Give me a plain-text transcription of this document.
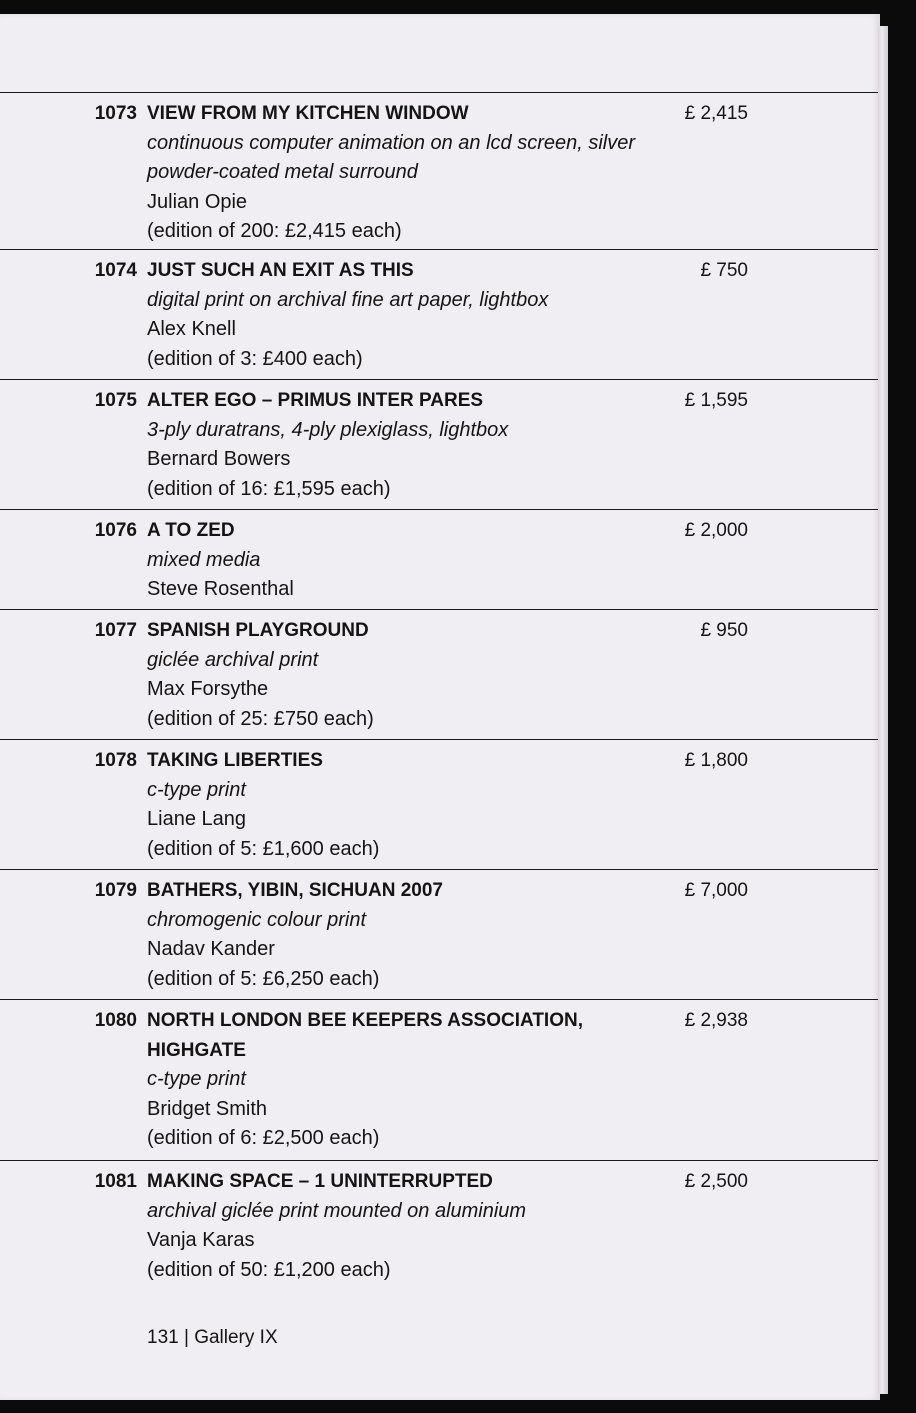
1073 VIEW FROM MY KITCHEN WINDOW
continuous computer animation on an lcd screen, silver powder-coated metal surround
Julian Opie
(edition of 200: £2,415 each)
£ 2,415
1074 JUST SUCH AN EXIT AS THIS
digital print on archival fine art paper, lightbox
Alex Knell
(edition of 3: £400 each)
£ 750
1075 ALTER EGO – PRIMUS INTER PARES
3-ply duratrans, 4-ply plexiglass, lightbox
Bernard Bowers
(edition of 16: £1,595 each)
£ 1,595
1076 A TO ZED
mixed media
Steve Rosenthal
£ 2,000
1077 SPANISH PLAYGROUND
giclée archival print
Max Forsythe
(edition of 25: £750 each)
£ 950
1078 TAKING LIBERTIES
c-type print
Liane Lang
(edition of 5: £1,600 each)
£ 1,800
1079 BATHERS, YIBIN, SICHUAN 2007
chromogenic colour print
Nadav Kander
(edition of 5: £6,250 each)
£ 7,000
1080 NORTH LONDON BEE KEEPERS ASSOCIATION, HIGHGATE
c-type print
Bridget Smith
(edition of 6: £2,500 each)
£ 2,938
1081 MAKING SPACE – 1 UNINTERRUPTED
archival giclée print mounted on aluminium
Vanja Karas
(edition of 50: £1,200 each)
£ 2,500
131 | Gallery IX
